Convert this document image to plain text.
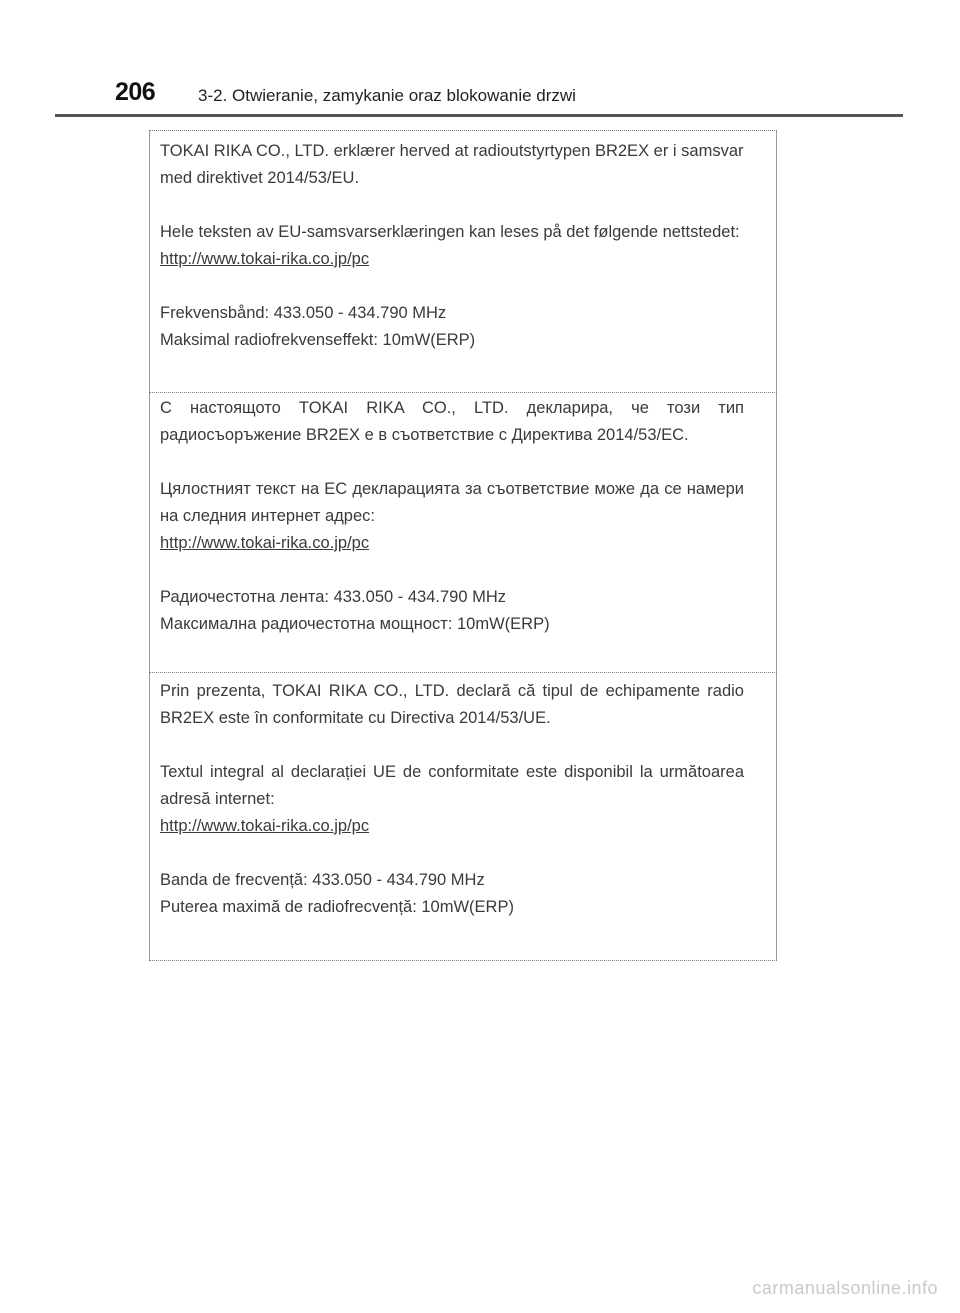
206	3-2. Otwieranie, zamykanie oraz blokowanie drzwi

TOKAI RIKA CO., LTD. erklærer herved at radioutstyrtypen BR2EX er i samsvar med direktivet 2014/53/EU.

Hele teksten av EU-samsvarserklæringen kan leses på det følgende nettstedet:

http://www.tokai-rika.co.jp/pc

Frekvensbånd: 433.050 - 434.790 MHz

Maksimal radiofrekvenseffekt: 10mW(ERP)

С настоящото TOKAI RIKA CO., LTD. декларира, че този тип радиосъоръжение BR2EX е в съответствие с Директива 2014/53/ЕС.

Цялостният текст на ЕС декларацията за съответствие може да се намери на следния интернет адрес:

http://www.tokai-rika.co.jp/pc

Радиочестотна лента: 433.050 - 434.790 MHz

Максимална радиочестотна мощност: 10mW(ERP)

Prin prezenta, TOKAI RIKA CO., LTD. declară că tipul de echipamente radio BR2EX este în conformitate cu Directiva 2014/53/UE.

Textul integral al declarației UE de conformitate este disponibil la următoarea adresă internet:

http://www.tokai-rika.co.jp/pc

Banda de frecvență: 433.050 - 434.790 MHz

Puterea maximă de radiofrecvență: 10mW(ERP)

carmanualsonline.info
